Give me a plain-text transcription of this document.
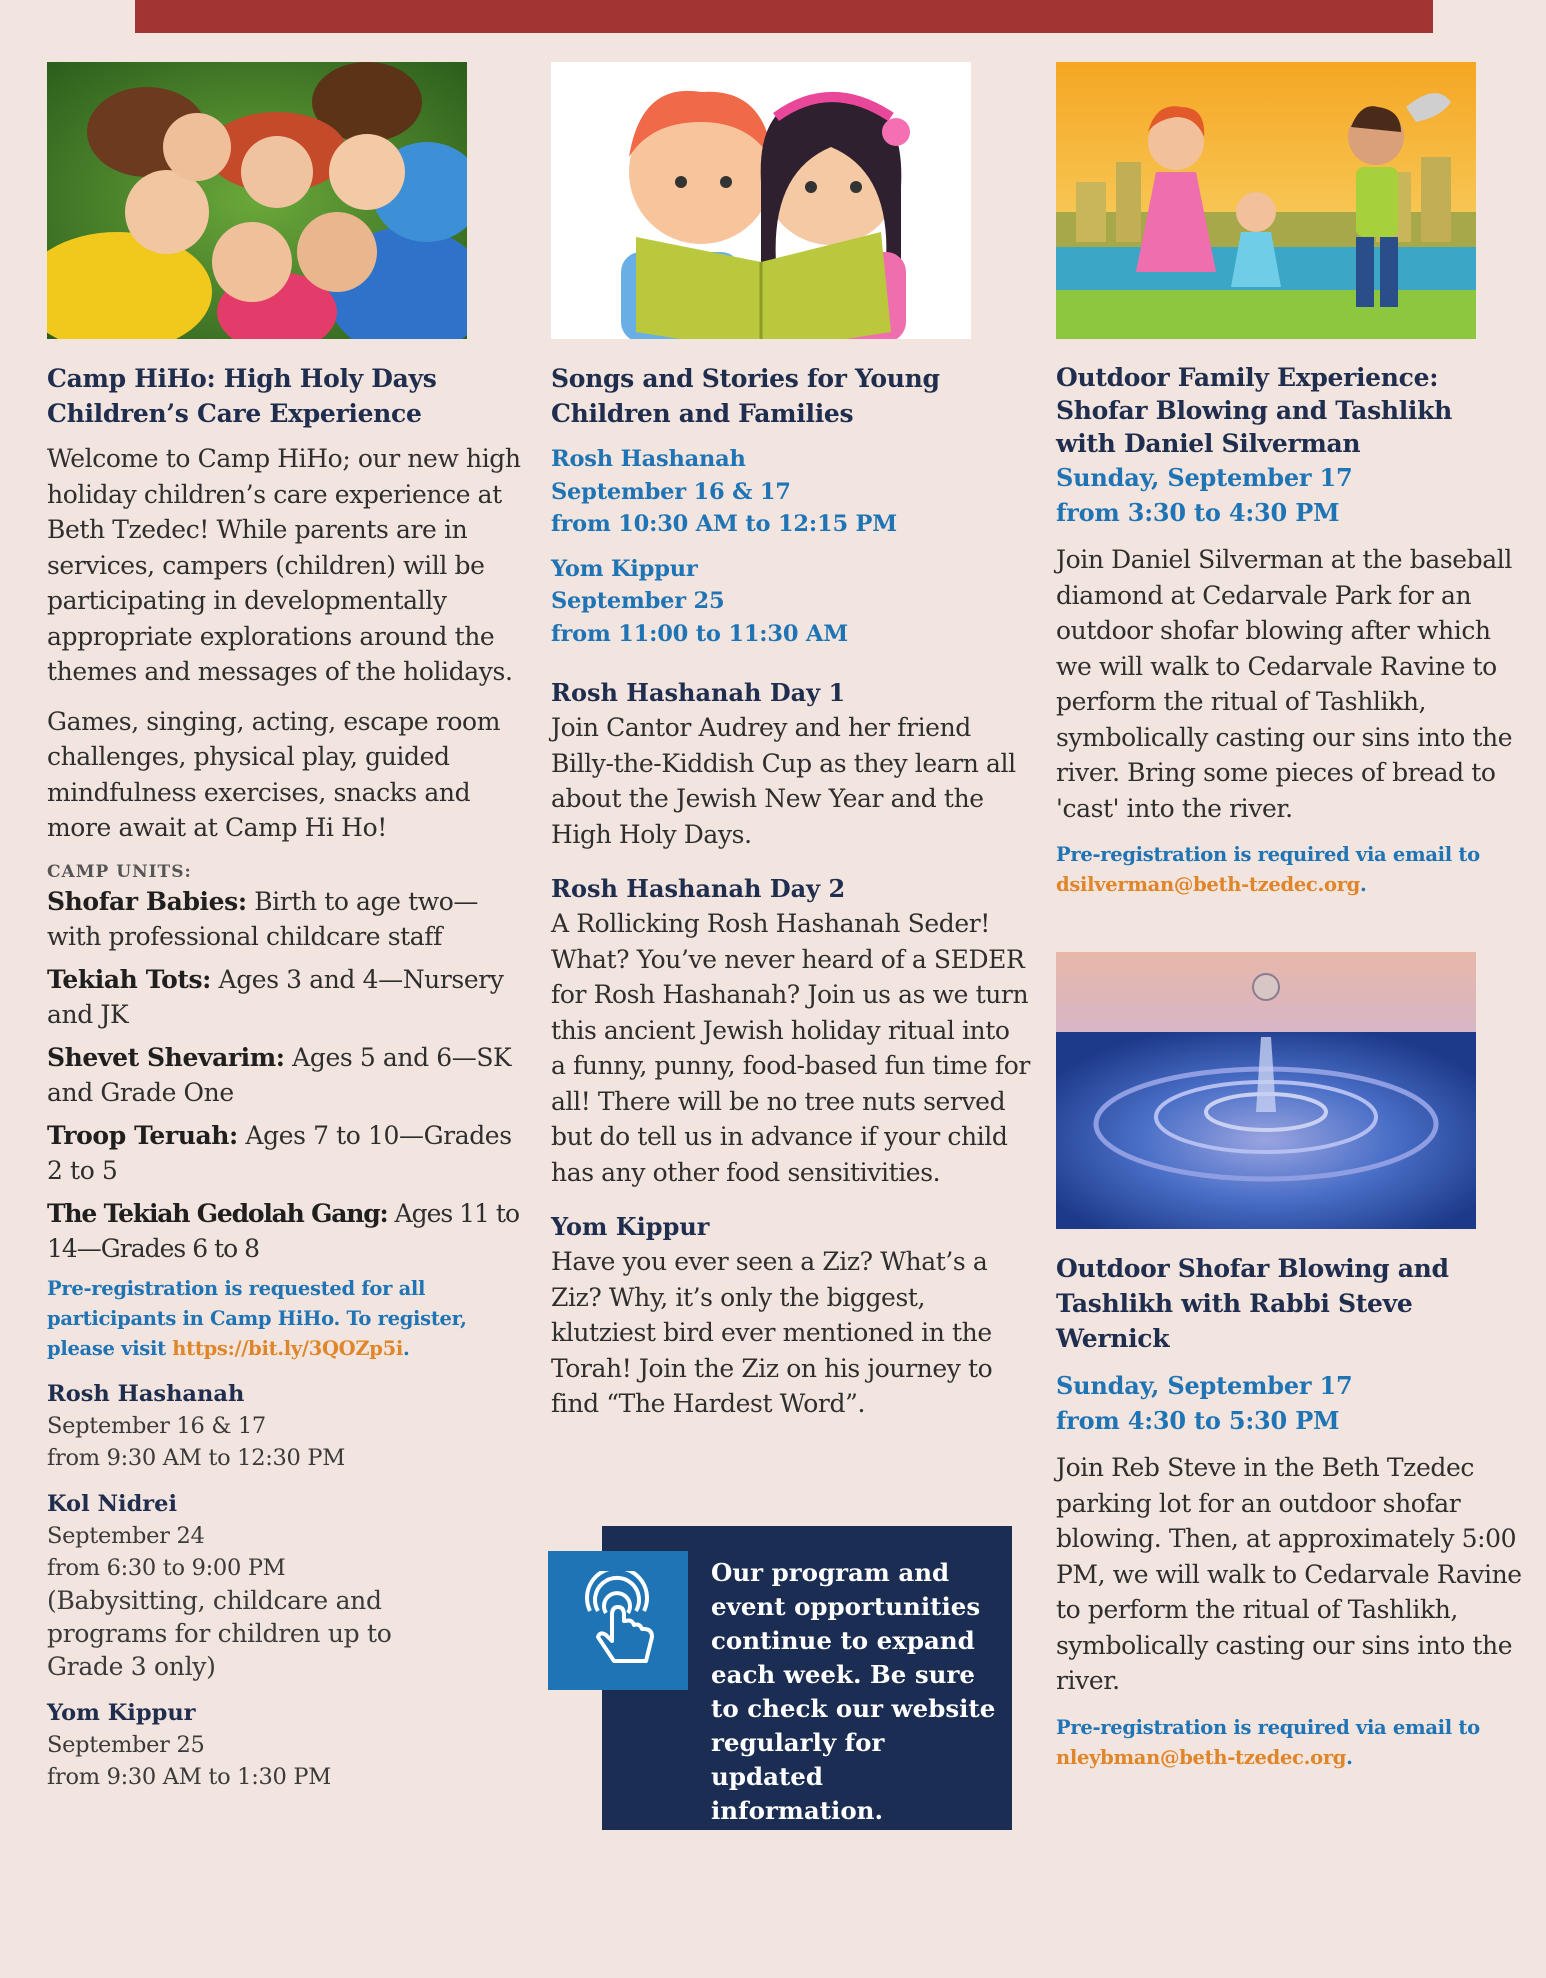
Camp HiHo: High Holy Days
Children’s Care Experience

Welcome to Camp HiHo; our new high holiday children’s care experience at Beth Tzedec! While parents are in services, campers (children) will be participating in developmentally appropriate explorations around the themes and messages of the holidays.

Games, singing, acting, escape room challenges, physical play, guided mindfulness exercises, snacks and more await at Camp Hi Ho!

CAMP UNITS:
Shofar Babies: Birth to age two—with professional childcare staff
Tekiah Tots: Ages 3 and 4—Nursery and JK
Shevet Shevarim: Ages 5 and 6—SK and Grade One
Troop Teruah: Ages 7 to 10—Grades 2 to 5
The Tekiah Gedolah Gang: Ages 11 to 14—Grades 6 to 8

Pre-registration is requested for all participants in Camp HiHo. To register, please visit https://bit.ly/3QOZp5i.

Rosh Hashanah
September 16 & 17
from 9:30 AM to 12:30 PM
Kol Nidrei
September 24
from 6:30 to 9:00 PM
(Babysitting, childcare and programs for children up to Grade 3 only)
Yom Kippur
September 25
from 9:30 AM to 1:30 PM
Songs and Stories for Young
Children and Families
Rosh Hashanah
September 16 & 17
from 10:30 AM to 12:15 PM
Yom Kippur
September 25
from 11:00 to 11:30 AM
Rosh Hashanah Day 1

Join Cantor Audrey and her friend Billy-the-Kiddish Cup as they learn all about the Jewish New Year and the High Holy Days.

Rosh Hashanah Day 2

A Rollicking Rosh Hashanah Seder! What? You’ve never heard of a SEDER for Rosh Hashanah? Join us as we turn this ancient Jewish holiday ritual into a funny, punny, food-based fun time for all! There will be no tree nuts served but do tell us in advance if your child has any other food sensitivities.

Yom Kippur

Have you ever seen a Ziz? What’s a Ziz? Why, it’s only the biggest, klutziest bird ever mentioned in the Torah! Join the Ziz on his journey to find “The Hardest Word”.

Our program and event opportunities continue to expand each week. Be sure to check our website regularly for updated information.
Outdoor Family Experience:
Shofar Blowing and Tashlikh
with Daniel Silverman
Sunday, September 17
from 3:30 to 4:30 PM

Join Daniel Silverman at the baseball diamond at Cedarvale Park for an outdoor shofar blowing after which we will walk to Cedarvale Ravine to perform the ritual of Tashlikh, symbolically casting our sins into the river. Bring some pieces of bread to 'cast' into the river.

Pre-registration is required via email to dsilverman@beth-tzedec.org.

Outdoor Shofar Blowing and
Tashlikh with Rabbi Steve Wernick
Sunday, September 17
from 4:30 to 5:30 PM

Join Reb Steve in the Beth Tzedec parking lot for an outdoor shofar blowing. Then, at approximately 5:00 PM, we will walk to Cedarvale Ravine to perform the ritual of Tashlikh, symbolically casting our sins into the river.

Pre-registration is required via email to nleybman@beth-tzedec.org.
